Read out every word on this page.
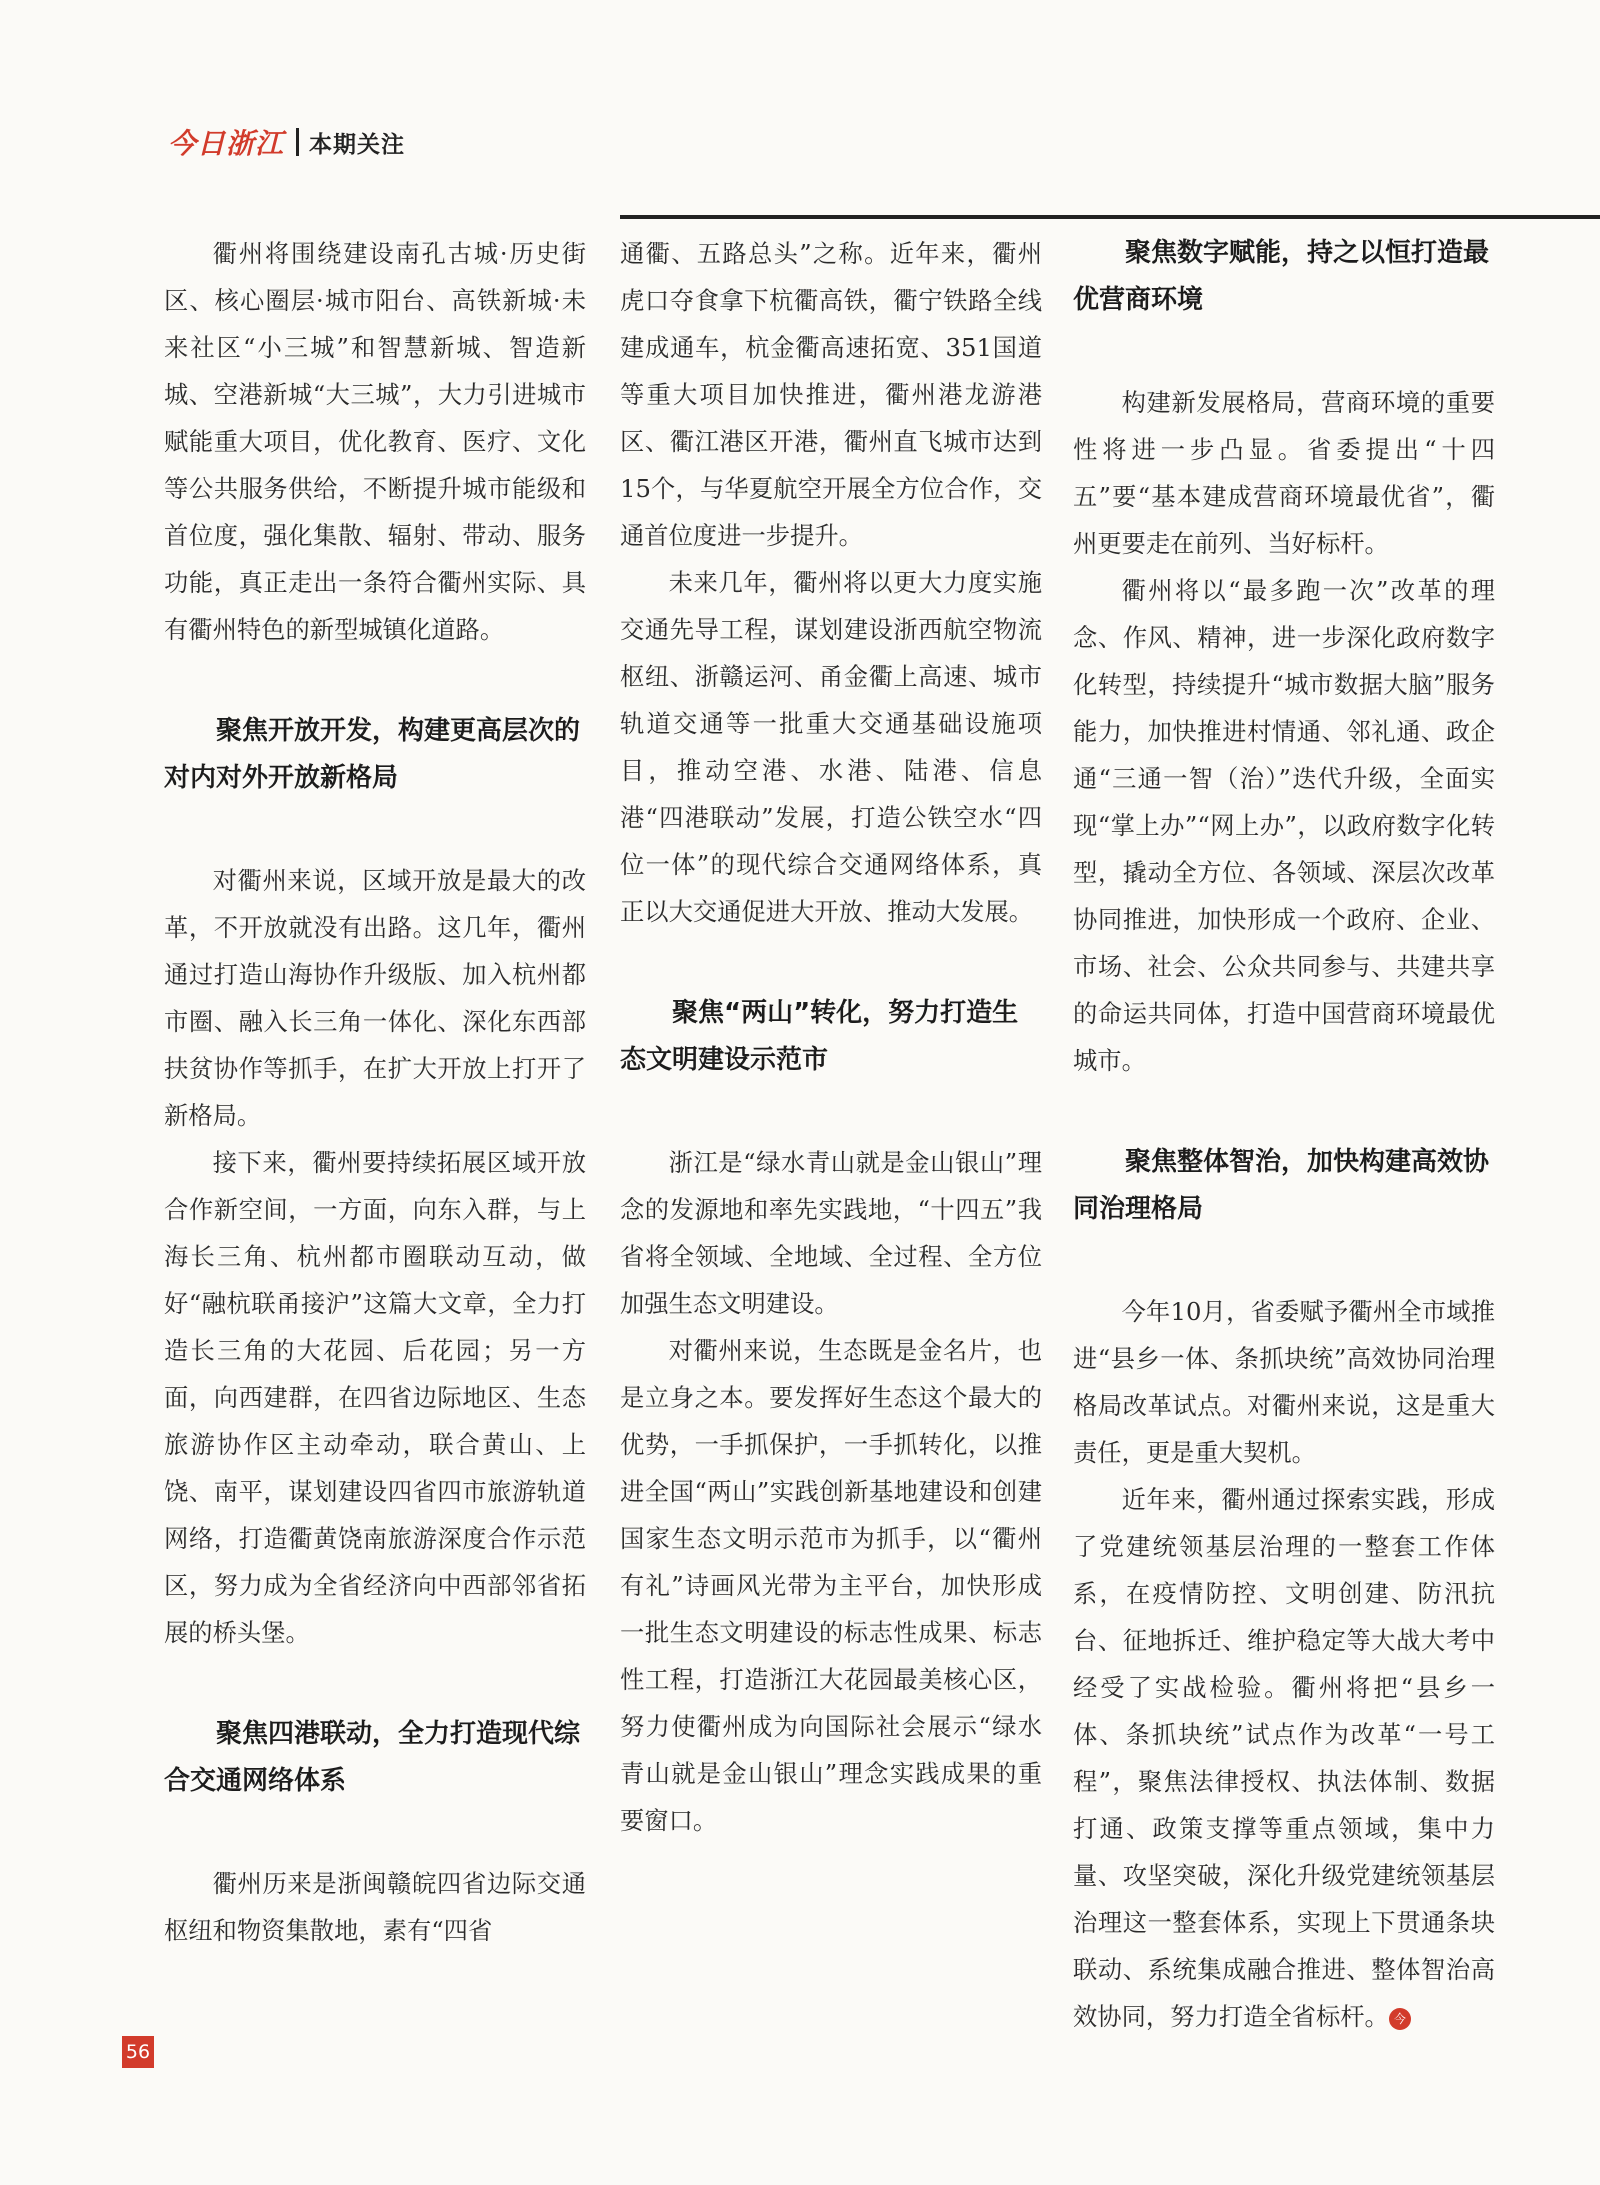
今日浙江 本期关注

衢州将围绕建设南孔古城·历史街区、核心圈层·城市阳台、高铁新城·未来社区“小三城”和智慧新城、智造新城、空港新城“大三城”，大力引进城市赋能重大项目，优化教育、医疗、文化等公共服务供给，不断提升城市能级和首位度，强化集散、辐射、带动、服务功能，真正走出一条符合衢州实际、具有衢州特色的新型城镇化道路。

聚焦开放开发，构建更高层次的对内对外开放新格局

对衢州来说，区域开放是最大的改革，不开放就没有出路。这几年，衢州通过打造山海协作升级版、加入杭州都市圈、融入长三角一体化、深化东西部扶贫协作等抓手，在扩大开放上打开了新格局。

接下来，衢州要持续拓展区域开放合作新空间，一方面，向东入群，与上海长三角、杭州都市圈联动互动，做好“融杭联甬接沪”这篇大文章，全力打造长三角的大花园、后花园；另一方面，向西建群，在四省边际地区、生态旅游协作区主动牵动，联合黄山、上饶、南平，谋划建设四省四市旅游轨道网络，打造衢黄饶南旅游深度合作示范区，努力成为全省经济向中西部邻省拓展的桥头堡。

聚焦四港联动，全力打造现代综合交通网络体系

衢州历来是浙闽赣皖四省边际交通枢纽和物资集散地，素有“四省

通衢、五路总头”之称。近年来，衢州虎口夺食拿下杭衢高铁，衢宁铁路全线建成通车，杭金衢高速拓宽、351国道等重大项目加快推进，衢州港龙游港区、衢江港区开港，衢州直飞城市达到15个，与华夏航空开展全方位合作，交通首位度进一步提升。

未来几年，衢州将以更大力度实施交通先导工程，谋划建设浙西航空物流枢纽、浙赣运河、甬金衢上高速、城市轨道交通等一批重大交通基础设施项目，推动空港、水港、陆港、信息港“四港联动”发展，打造公铁空水“四位一体”的现代综合交通网络体系，真正以大交通促进大开放、推动大发展。

聚焦“两山”转化，努力打造生态文明建设示范市

浙江是“绿水青山就是金山银山”理念的发源地和率先实践地，“十四五”我省将全领域、全地域、全过程、全方位加强生态文明建设。

对衢州来说，生态既是金名片，也是立身之本。要发挥好生态这个最大的优势，一手抓保护，一手抓转化，以推进全国“两山”实践创新基地建设和创建国家生态文明示范市为抓手，以“衢州有礼”诗画风光带为主平台，加快形成一批生态文明建设的标志性成果、标志性工程，打造浙江大花园最美核心区，努力使衢州成为向国际社会展示“绿水青山就是金山银山”理念实践成果的重要窗口。

聚焦数字赋能，持之以恒打造最优营商环境

构建新发展格局，营商环境的重要性将进一步凸显。省委提出“十四五”要“基本建成营商环境最优省”，衢州更要走在前列、当好标杆。

衢州将以“最多跑一次”改革的理念、作风、精神，进一步深化政府数字化转型，持续提升“城市数据大脑”服务能力，加快推进村情通、邻礼通、政企通“三通一智（治）”迭代升级，全面实现“掌上办”“网上办”，以政府数字化转型，撬动全方位、各领域、深层次改革协同推进，加快形成一个政府、企业、市场、社会、公众共同参与、共建共享的命运共同体，打造中国营商环境最优城市。

聚焦整体智治，加快构建高效协同治理格局

今年10月，省委赋予衢州全市域推进“县乡一体、条抓块统”高效协同治理格局改革试点。对衢州来说，这是重大责任，更是重大契机。

近年来，衢州通过探索实践，形成了党建统领基层治理的一整套工作体系，在疫情防控、文明创建、防汛抗台、征地拆迁、维护稳定等大战大考中经受了实战检验。衢州将把“县乡一体、条抓块统”试点作为改革“一号工程”，聚焦法律授权、执法体制、数据打通、政策支撑等重点领域，集中力量、攻坚突破，深化升级党建统领基层治理这一整套体系，实现上下贯通条块联动、系统集成融合推进、整体智治高效协同，努力打造全省标杆。 今

56
